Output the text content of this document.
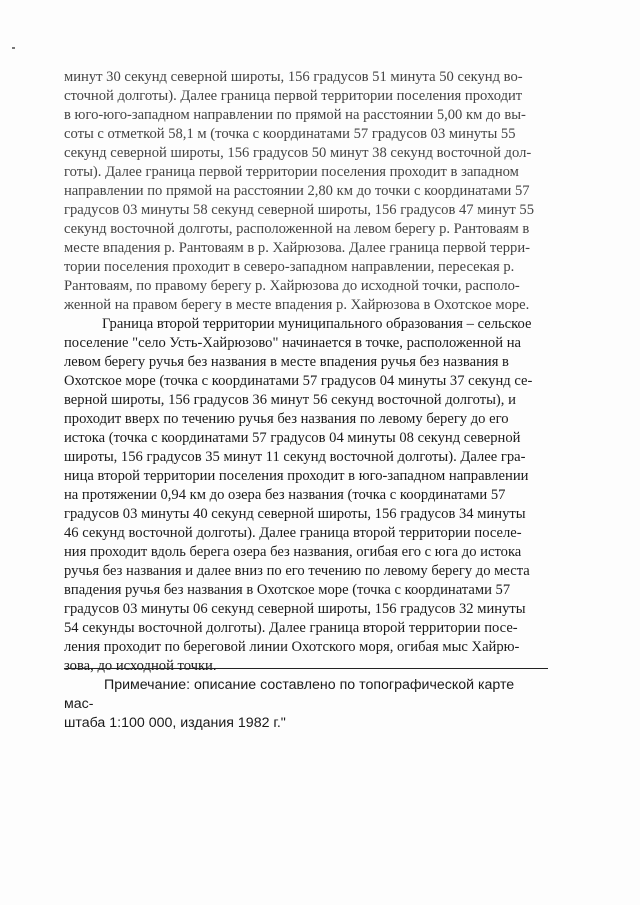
минут 30 секунд северной широты, 156 градусов 51 минута 50 секунд во-
сточной долготы). Далее граница первой территории поселения проходит
в юго-юго-западном направлении по прямой на расстоянии 5,00 км до вы-
соты с отметкой 58,1 м (точка с координатами 57 градусов 03 минуты 55
секунд северной широты, 156 градусов 50 минут 38 секунд восточной дол-
готы). Далее граница первой территории поселения проходит в западном
направлении по прямой на расстоянии 2,80 км до точки с координатами 57
градусов 03 минуты 58 секунд северной широты, 156 градусов 47 минут 55
секунд восточной долготы, расположенной на левом берегу р. Рантоваям в
месте впадения р. Рантоваям в р. Хайрюзова. Далее граница первой терри-
тории поселения проходит в северо-западном направлении, пересекая р.
Рантоваям, по правому берегу р. Хайрюзова до исходной точки, располо-
женной на правом берегу в месте впадения р. Хайрюзова в Охотское море.

Граница второй территории муниципального образования – сельское
поселение "село Усть-Хайрюзово" начинается в точке, расположенной на
левом берегу ручья без названия в месте впадения ручья без названия в
Охотское море (точка с координатами 57 градусов 04 минуты 37 секунд се-
верной широты, 156 градусов 36 минут 56 секунд восточной долготы), и
проходит вверх по течению ручья без названия по левому берегу до его
истока (точка с координатами 57 градусов 04 минуты 08 секунд северной
широты, 156 градусов 35 минут 11 секунд восточной долготы). Далее гра-
ница второй территории поселения проходит в юго-западном направлении
на протяжении 0,94 км до озера без названия (точка с координатами 57
градусов 03 минуты 40 секунд северной широты, 156 градусов 34 минуты
46 секунд восточной долготы). Далее граница второй территории поселе-
ния проходит вдоль берега озера без названия, огибая его с юга до истока
ручья без названия и далее вниз по его течению по левому берегу до места
впадения ручья без названия в Охотское море (точка с координатами 57
градусов 03 минуты 06 секунд северной широты, 156 градусов 32 минуты
54 секунды восточной долготы). Далее граница второй территории посе-
ления проходит по береговой линии Охотского моря, огибая мыс Хайрю-
зова, до исходной точки.

Примечание: описание составлено по топографической карте мас-
штаба 1:100 000, издания 1982 г."
